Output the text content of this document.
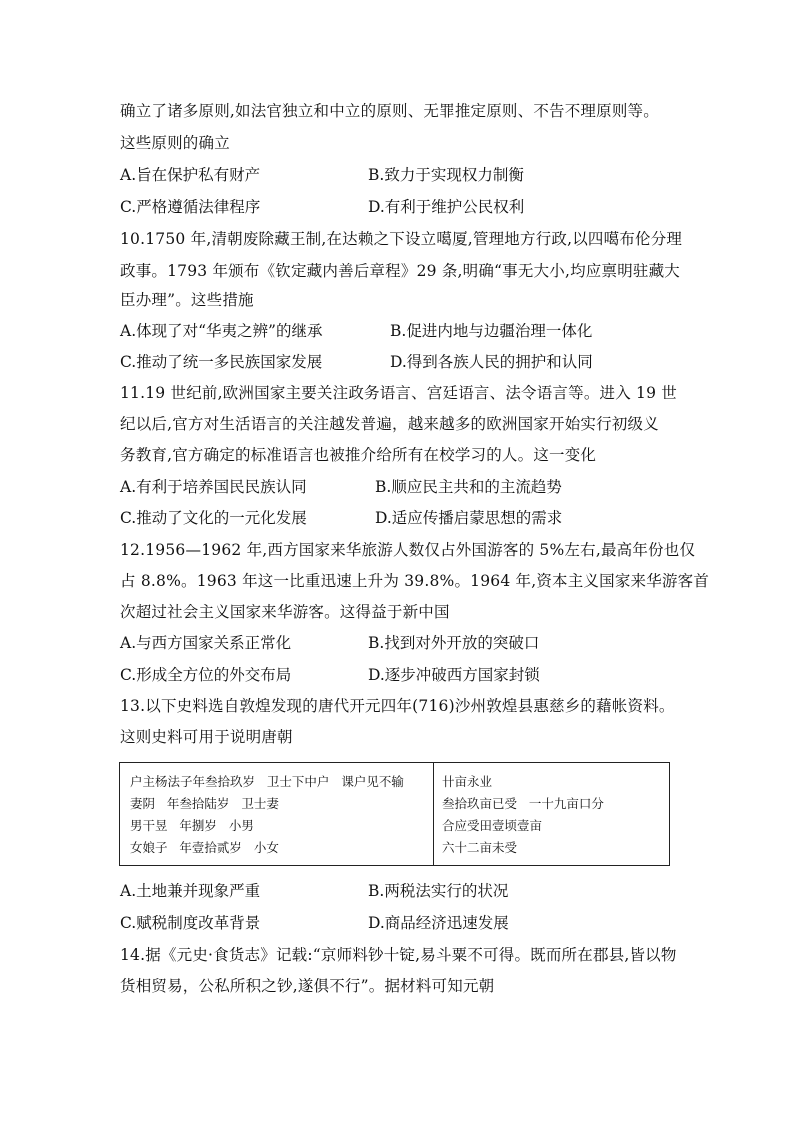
确立了诸多原则,如法官独立和中立的原则、无罪推定原则、不告不理原则等。
这些原则的确立
A.旨在保护私有财产	B.致力于实现权力制衡
C.严格遵循法律程序	D.有利于维护公民权利
10.1750 年,清朝废除藏王制,在达赖之下设立噶厦,管理地方行政,以四噶布伦分理
政事。1793 年颁布《钦定藏内善后章程》29 条,明确“事无大小,均应禀明驻藏大
臣办理”。这些措施
A.体现了对“华夷之辨”的继承	B.促进内地与边疆治理一体化
C.推动了统一多民族国家发展	D.得到各族人民的拥护和认同
11.19 世纪前,欧洲国家主要关注政务语言、宫廷语言、法令语言等。进入 19 世
纪以后,官方对生活语言的关注越发普遍，越来越多的欧洲国家开始实行初级义
务教育,官方确定的标准语言也被推介给所有在校学习的人。这一变化
A.有利于培养国民民族认同	B.顺应民主共和的主流趋势
C.推动了文化的一元化发展	D.适应传播启蒙思想的需求
12.1956—1962 年,西方国家来华旅游人数仅占外国游客的 5%左右,最高年份也仅
占 8.8%。1963 年这一比重迅速上升为 39.8%。1964 年,资本主义国家来华游客首
次超过社会主义国家来华游客。这得益于新中国
A.与西方国家关系正常化	B.找到对外开放的突破口
C.形成全方位的外交布局	D.逐步冲破西方国家封锁
13.以下史料选自敦煌发现的唐代开元四年(716)沙州敦煌县惠慈乡的藉帐资料。
这则史料可用于说明唐朝
户主杨法子年叁拾玖岁   卫士下中户   课户见不输
妻阴   年叁拾陆岁   卫士妻
男干昱   年捌岁   小男
女娘子   年壹拾贰岁   小女
卄亩永业
叁拾玖亩已受   一十九亩口分
合应受田壹顷壹亩
六十二亩未受
A.土地兼并现象严重	B.两税法实行的状况
C.赋税制度改革背景	D.商品经济迅速发展
14.据《元史·食货志》记载:“京师料钞十锭,易斗粟不可得。既而所在郡县,皆以物
货相贸易，公私所积之钞,遂俱不行”。据材料可知元朝
